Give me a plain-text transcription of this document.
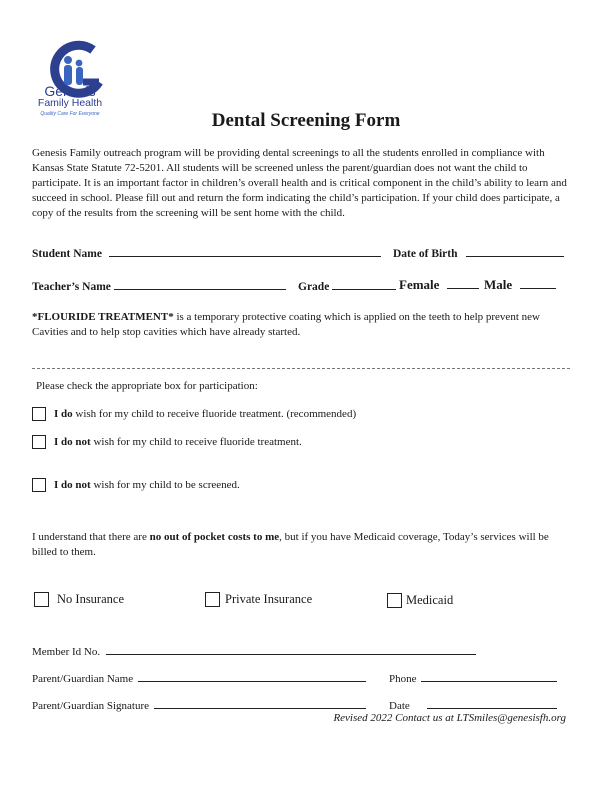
Genesis
Family Health
Quality Care For Everyone	Dental Screening Form
Genesis Family outreach program will be providing dental screenings to all the students enrolled in compliance with Kansas State Statute 72-5201. All students will be screened unless the parent/guardian does not want the child to participate. It is an important factor in children’s overall health and is critical component in the child’s ability to learn and succeed in school. Please fill out and return the form indicating the child’s participation. If your child does participate, a copy of the results from the screening will be sent home with the child.
Student Name	Date of Birth
Teacher’s Name	Grade	Female	Male
*FLOURIDE TREATMENT* is a temporary protective coating which is applied on the teeth to help prevent new Cavities and to help stop cavities which have already started.
Please check the appropriate box for participation:
I do wish for my child to receive fluoride treatment. (recommended)
I do not wish for my child to receive fluoride treatment.
I do not wish for my child to be screened.
I understand that there are no out of pocket costs to me, but if you have Medicaid coverage, Today’s services will be billed to them.
No Insurance	Private Insurance	Medicaid
Member Id No.
Parent/Guardian Name	Phone
Parent/Guardian Signature	Date
Revised 2022 Contact us at LTSmiles@genesisfh.org
